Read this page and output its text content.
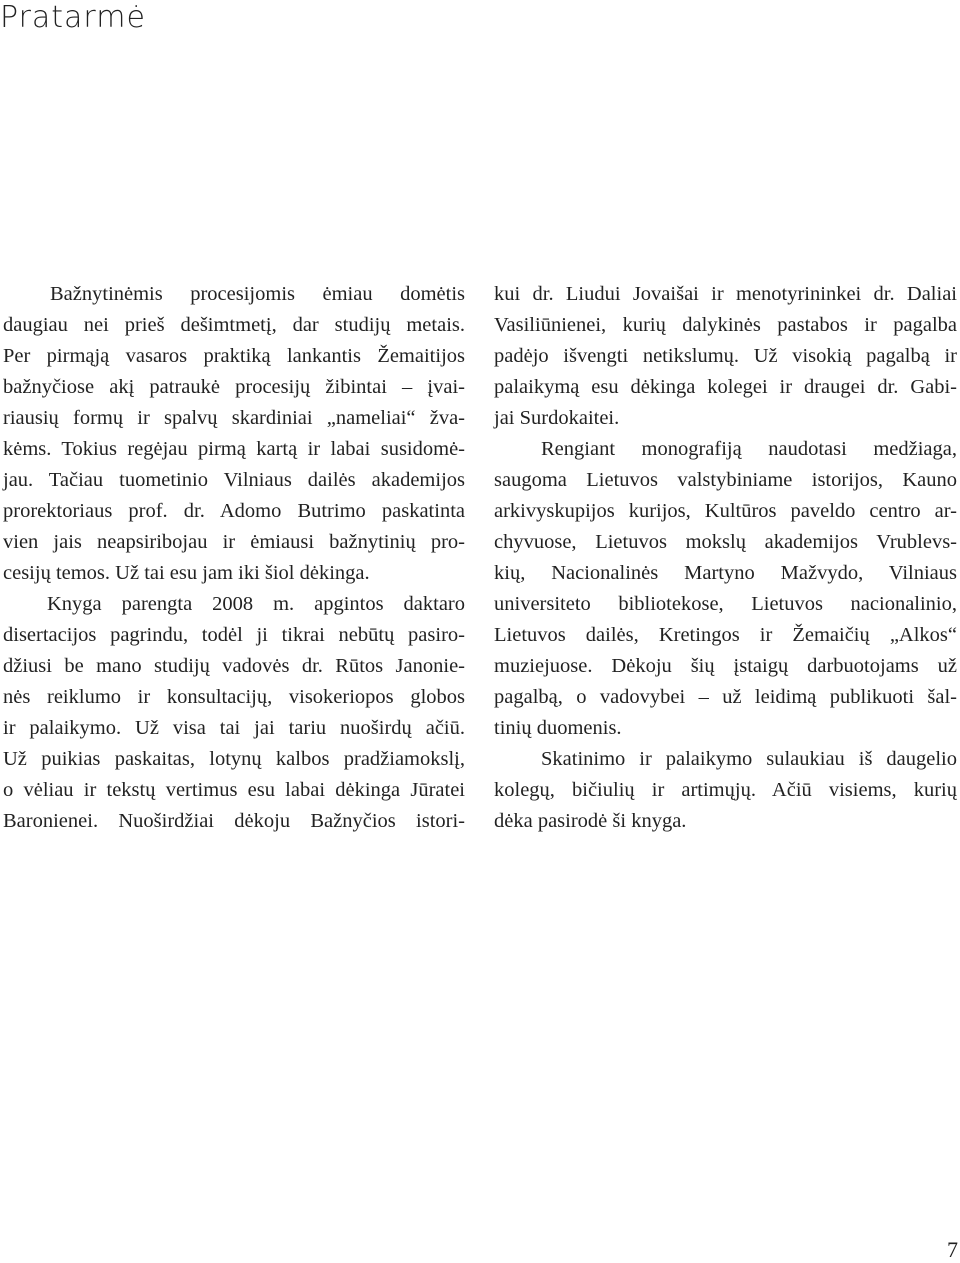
Pratarmė
Bažnytinėmis procesijomis ėmiau domėtis
daugiau nei prieš dešimtmetį, dar studijų metais.
Per pirmąją vasaros praktiką lankantis Žemaitijos
bažnyčiose akį patraukė procesijų žibintai – įvai-
riausių formų ir spalvų skardiniai „nameliai“ žva-
kėms. Tokius regėjau pirmą kartą ir labai susidomė-
jau. Tačiau tuometinio Vilniaus dailės akademijos
prorektoriaus prof. dr. Adomo Butrimo paskatinta
vien jais neapsiribojau ir ėmiausi bažnytinių pro-
cesijų temos. Už tai esu jam iki šiol dėkinga.
Knyga parengta 2008 m. apgintos daktaro
disertacijos pagrindu, todėl ji tikrai nebūtų pasiro-
džiusi be mano studijų vadovės dr. Rūtos Janonie-
nės reiklumo ir konsultacijų, visokeriopos globos
ir palaikymo. Už visa tai jai tariu nuoširdų ačiū.
Už puikias paskaitas, lotynų kalbos pradžiamokslį,
o vėliau ir tekstų vertimus esu labai dėkinga Jūratei
Baronienei. Nuoširdžiai dėkoju Bažnyčios istori-
kui dr. Liudui Jovaišai ir menotyrininkei dr. Daliai
Vasiliūnienei, kurių dalykinės pastabos ir pagalba
padėjo išvengti netikslumų. Už visokią pagalbą ir
palaikymą esu dėkinga kolegei ir draugei dr. Gabi-
jai Surdokaitei.
Rengiant monografiją naudotasi medžiaga,
saugoma Lietuvos valstybiniame istorijos, Kauno
arkivyskupijos kurijos, Kultūros paveldo centro ar-
chyvuose, Lietuvos mokslų akademijos Vrublevs-
kių, Nacionalinės Martyno Mažvydo, Vilniaus
universiteto bibliotekose, Lietuvos nacionalinio,
Lietuvos dailės, Kretingos ir Žemaičių „Alkos“
muziejuose. Dėkoju šių įstaigų darbuotojams už
pagalbą, o vadovybei – už leidimą publikuoti šal-
tinių duomenis.
Skatinimo ir palaikymo sulaukiau iš daugelio
kolegų, bičiulių ir artimųjų. Ačiū visiems, kurių
dėka pasirodė ši knyga.
7
